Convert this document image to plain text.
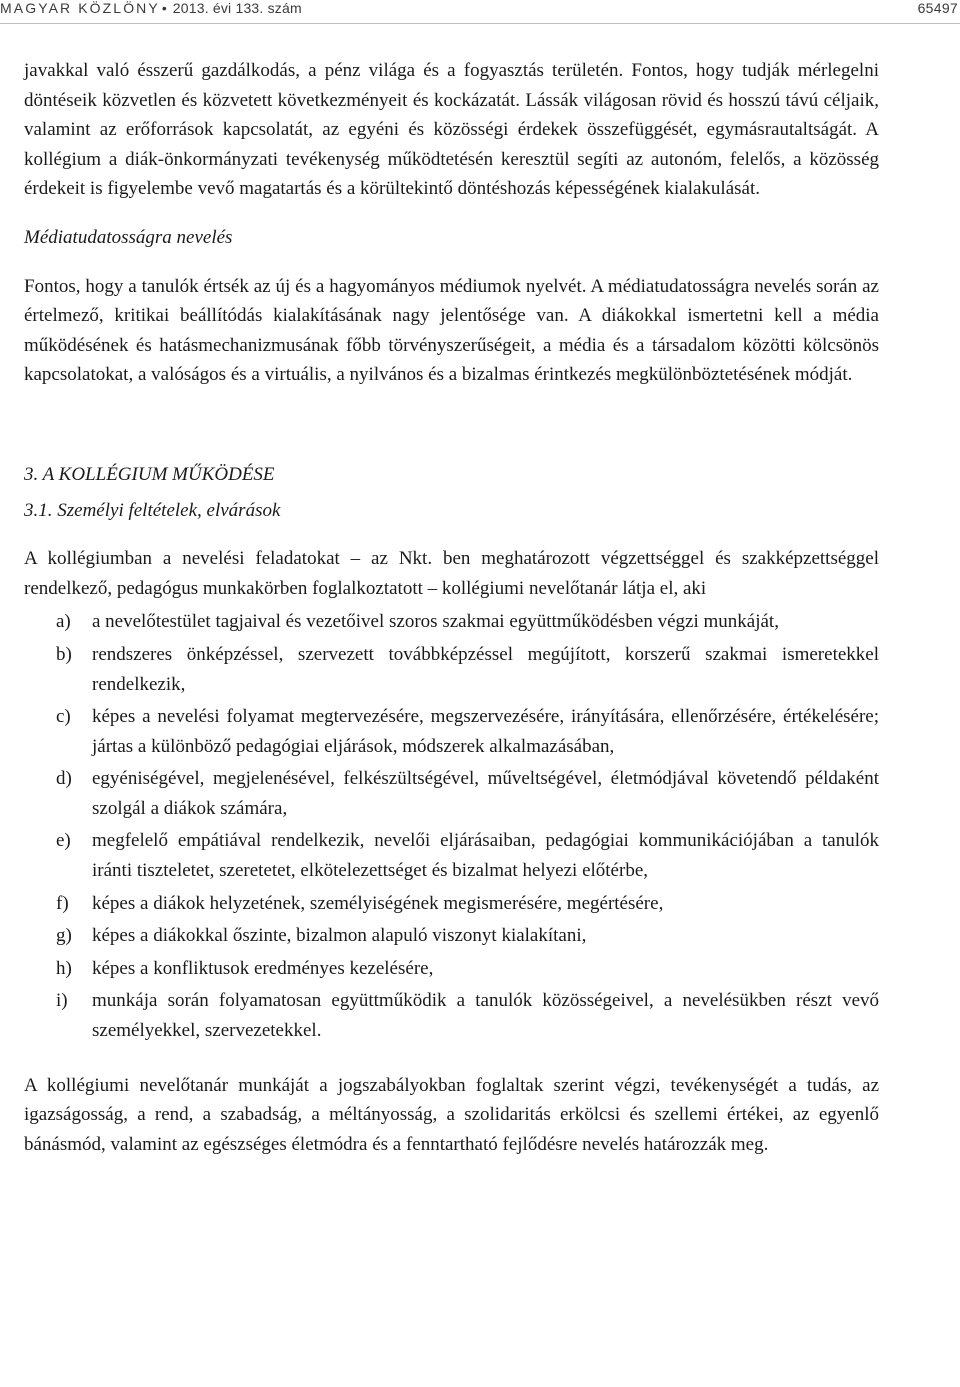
MAGYAR KÖZLÖNY • 2013. évi 133. szám	65497

javakkal való ésszerű gazdálkodás, a pénz világa és a fogyasztás területén. Fontos, hogy tudják mérlegelni döntéseik közvetlen és közvetett következményeit és kockázatát. Lássák világosan rövid és hosszú távú céljaik, valamint az erőforrások kapcsolatát, az egyéni és közösségi érdekek összefüggését, egymásrautaltságát. A kollégium a diák-önkormányzati tevékenység működtetésén keresztül segíti az autonóm, felelős, a közösség érdekeit is figyelembe vevő magatartás és a körültekintő döntéshozás képességének kialakulását.

Médiatudatosságra nevelés

Fontos, hogy a tanulók értsék az új és a hagyományos médiumok nyelvét. A médiatudatosságra nevelés során az értelmező, kritikai beállítódás kialakításának nagy jelentősége van. A diákokkal ismertetni kell a média működésének és hatásmechanizmusának főbb törvényszerűségeit, a média és a társadalom közötti kölcsönös kapcsolatokat, a valóságos és a virtuális, a nyilvános és a bizalmas érintkezés megkülönböztetésének módját.

3. A KOLLÉGIUM MŰKÖDÉSE

3.1. Személyi feltételek, elvárások

A kollégiumban a nevelési feladatokat – az Nkt. ben meghatározott végzettséggel és szakképzettséggel rendelkező, pedagógus munkakörben foglalkoztatott – kollégiumi nevelőtanár látja el, aki

a) a nevelőtestület tagjaival és vezetőivel szoros szakmai együttműködésben végzi munkáját,
b) rendszeres önképzéssel, szervezett továbbképzéssel megújított, korszerű szakmai ismeretekkel rendelkezik,
c) képes a nevelési folyamat megtervezésére, megszervezésére, irányítására, ellenőrzésére, értékelésére; jártas a különböző pedagógiai eljárások, módszerek alkalmazásában,
d) egyéniségével, megjelenésével, felkészültségével, műveltségével, életmódjával követendő példaként szolgál a diákok számára,
e) megfelelő empátiával rendelkezik, nevelői eljárásaiban, pedagógiai kommunikációjában a tanulók iránti tiszteletet, szeretetet, elkötelezettséget és bizalmat helyezi előtérbe,
f) képes a diákok helyzetének, személyiségének megismerésére, megértésére,
g) képes a diákokkal őszinte, bizalmon alapuló viszonyt kialakítani,
h) képes a konfliktusok eredményes kezelésére,
i) munkája során folyamatosan együttműködik a tanulók közösségeivel, a nevelésükben részt vevő személyekkel, szervezetekkel.

A kollégiumi nevelőtanár munkáját a jogszabályokban foglaltak szerint végzi, tevékenységét a tudás, az igazságosság, a rend, a szabadság, a méltányosság, a szolidaritás erkölcsi és szellemi értékei, az egyenlő bánásmód, valamint az egészséges életmódra és a fenntartható fejlődésre nevelés határozzák meg.
